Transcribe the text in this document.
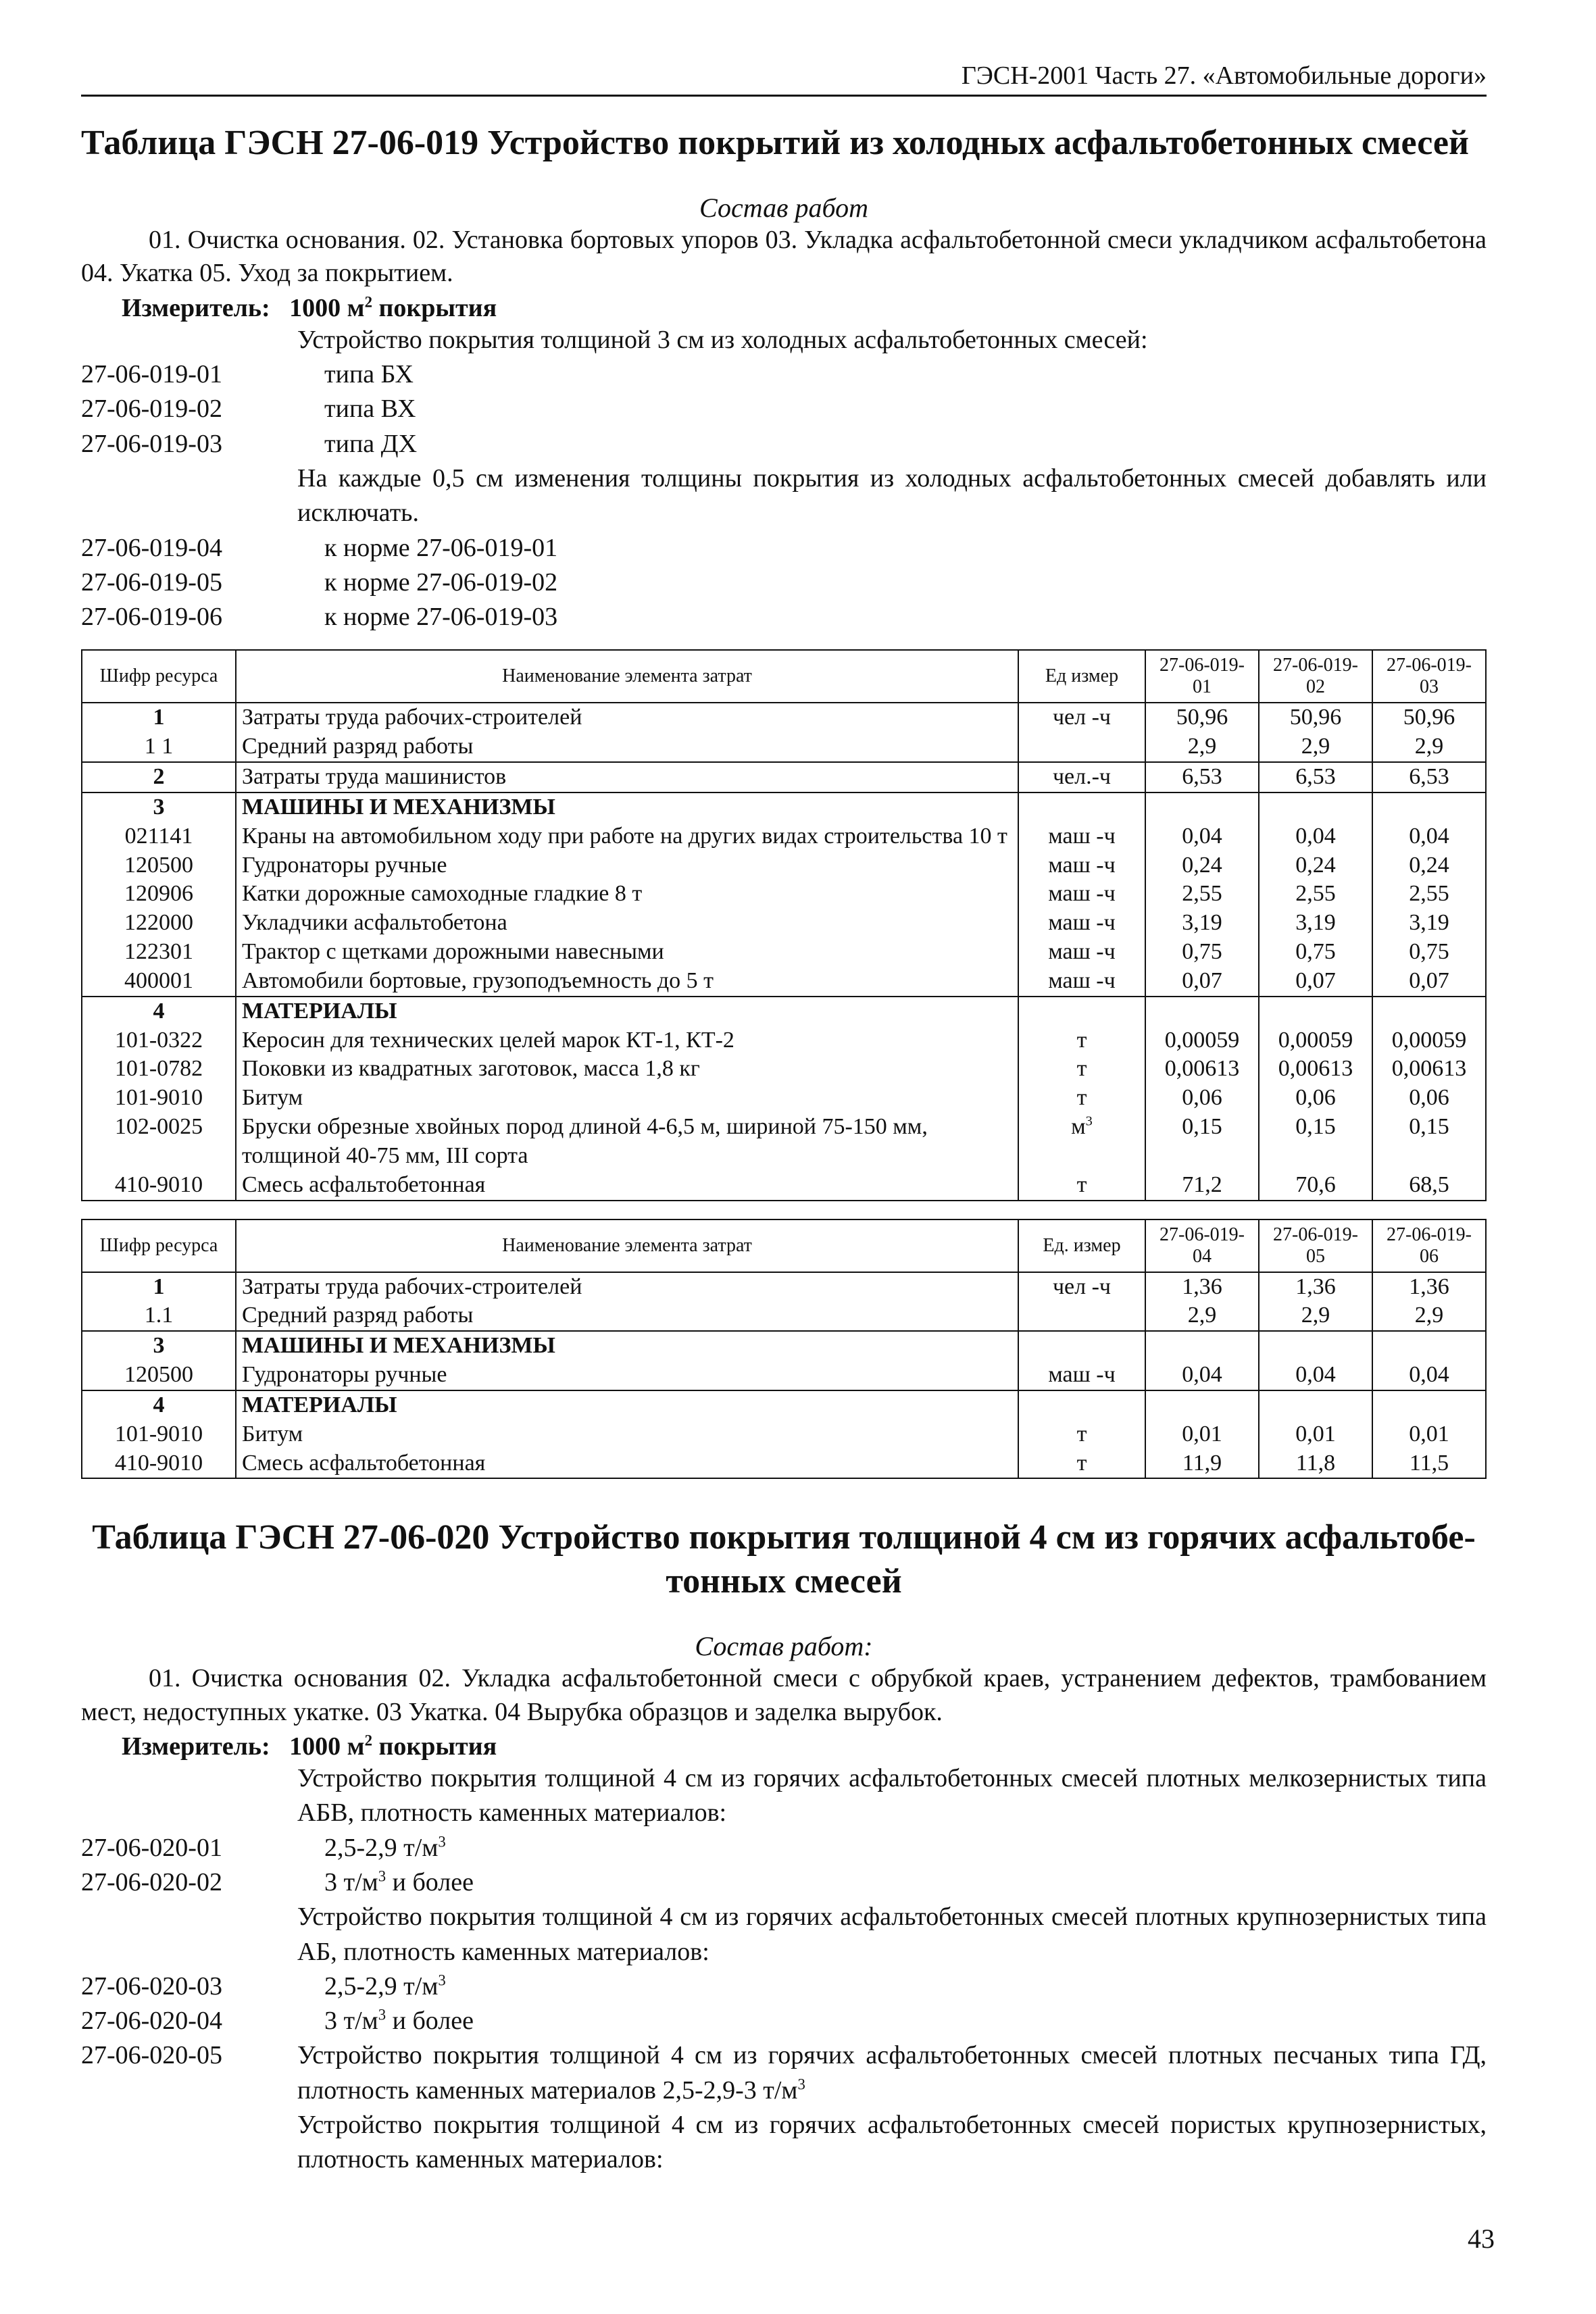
ГЭСН-2001 Часть 27. «Автомобильные дороги»
Таблица ГЭСН 27-06-019 Устройство покрытий из холодных асфальтобетонных смесей
Состав работ
01. Очистка основания. 02. Установка бортовых упоров 03. Укладка асфальтобетонной смеси укладчиком асфальтобетона 04. Укатка 05. Уход за покрытием.
Измеритель: 1000 $м^2$ покрытия
Устройство покрытия толщиной 3 см из холодных асфальтобетонных смесей:
27-06-019-01	типа БХ
27-06-019-02	типа ВХ
27-06-019-03	типа ДХ
На каждые 0,5 см изменения толщины покрытия из холодных асфальтобетонных смесей добавлять или исключать.
27-06-019-04	к норме 27-06-019-01
27-06-019-05	к норме 27-06-019-02
27-06-019-06	к норме 27-06-019-03
Шифр ресурса	Наименование элемента затрат	Ед измер	27-06-019-01	27-06-019-02	27-06-019-03
1	Затраты труда рабочих-строителей	чел -ч	50,96	50,96	50,96
1 1	Средний разряд работы		2,9	2,9	2,9
2	Затраты труда машинистов	чел.-ч	6,53	6,53	6,53
3	МАШИНЫ И МЕХАНИЗМЫ				
021141	Краны на автомобильном ходу при работе на других видах строительства 10 т	маш -ч	0,04	0,04	0,04
120500	Гудронаторы ручные	маш -ч	0,24	0,24	0,24
120906	Катки дорожные самоходные гладкие 8 т	маш -ч	2,55	2,55	2,55
122000	Укладчики асфальтобетона	маш -ч	3,19	3,19	3,19
122301	Трактор с щетками дорожными навесными	маш -ч	0,75	0,75	0,75
400001	Автомобили бортовые, грузоподъемность до 5 т	маш -ч	0,07	0,07	0,07
4	МАТЕРИАЛЫ				
101-0322	Керосин для технических целей марок КТ-1, КТ-2	т	0,00059	0,00059	0,00059
101-0782	Поковки из квадратных заготовок, масса 1,8 кг	т	0,00613	0,00613	0,00613
101-9010	Битум	т	0,06	0,06	0,06
102-0025	Бруски обрезные хвойных пород длиной 4-6,5 м, шириной 75-150 мм, толщиной 40-75 мм, III сорта	$м^3$	0,15	0,15	0,15
410-9010	Смесь асфальтобетонная	т	71,2	70,6	68,5
Шифр ресурса	Наименование элемента затрат	Ед. измер	27-06-019-04	27-06-019-05	27-06-019-06
1	Затраты труда рабочих-строителей	чел -ч	1,36	1,36	1,36
1.1	Средний разряд работы		2,9	2,9	2,9
3	МАШИНЫ И МЕХАНИЗМЫ				
120500	Гудронаторы ручные	маш -ч	0,04	0,04	0,04
4	МАТЕРИАЛЫ				
101-9010	Битум	т	0,01	0,01	0,01
410-9010	Смесь асфальтобетонная	т	11,9	11,8	11,5
Таблица ГЭСН 27-06-020 Устройство покрытия толщиной 4 см из горячих асфальтобе-
тонных смесей
Состав работ:
01. Очистка основания 02. Укладка асфальтобетонной смеси с обрубкой краев, устранением дефектов, трамбованием мест, недоступных укатке. 03 Укатка. 04 Вырубка образцов и заделка вырубок.
Измеритель: 1000 $м^2$ покрытия
Устройство покрытия толщиной 4 см из горячих асфальтобетонных смесей плотных мелкозернистых типа АБВ, плотность каменных материалов:
27-06-020-01	2,5-2,9 $т/м^3$
27-06-020-02	3 $т/м^3$ и более
Устройство покрытия толщиной 4 см из горячих асфальтобетонных смесей плотных крупнозернистых типа АБ, плотность каменных материалов:
27-06-020-03	2,5-2,9 $т/м^3$
27-06-020-04	3 $т/м^3$ и более
27-06-020-05	Устройство покрытия толщиной 4 см из горячих асфальтобетонных смесей плотных песчаных типа ГД, плотность каменных материалов 2,5-2,9-3 $т/м^3$
Устройство покрытия толщиной 4 см из горячих асфальтобетонных смесей пористых крупнозернистых, плотность каменных материалов:
43
